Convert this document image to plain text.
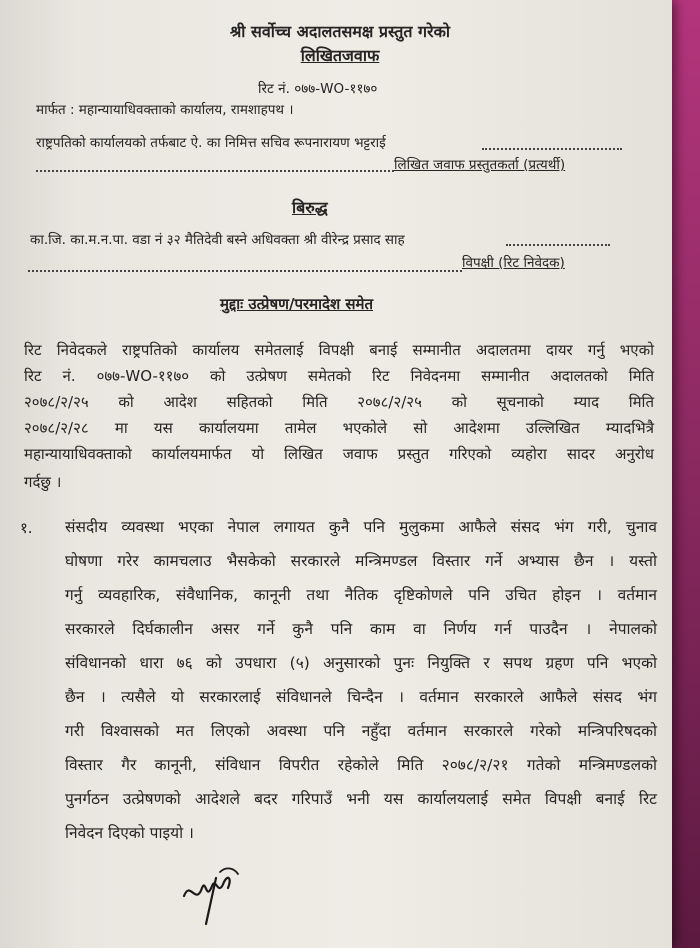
श्री सर्वोच्च अदालतसमक्ष प्रस्तुत गरेको
लिखितजवाफ
रिट नं. ०७७-WO-११७०
मार्फत : महान्यायाधिवक्ताको कार्यालय, रामशाहपथ ।
राष्ट्रपतिको कार्यालयको तर्फबाट ऐ. का निमित्त सचिव रूपनारायण भट्टराई
लिखित जवाफ प्रस्तुतकर्ता (प्रत्यर्थी)
बिरुद्ध
का.जि. का.म.न.पा. वडा नं ३२ मैतिदेवी बस्ने अधिवक्ता श्री वीरेन्द्र प्रसाद साह
विपक्षी (रिट निवेदक)
मुद्दाः उत्प्रेषण/परमादेश समेत
रिट निवेदकले राष्ट्रपतिको कार्यालय समेतलाई विपक्षी बनाई सम्मानीत अदालतमा दायर गर्नु भएको
रिट नं. ०७७-WO-११७० को उत्प्रेषण समेतको रिट निवेदनमा सम्मानीत अदालतको मिति
२०७८/२/२५ को आदेश सहितको मिति २०७८/२/२५ को सूचनाको म्याद मिति
२०७८/२/२८ मा यस कार्यालयमा तामेल भएकोले सो आदेशमा उल्लिखित म्यादभित्रै
महान्यायाधिवक्ताको कार्यालयमार्फत यो लिखित जवाफ प्रस्तुत गरिएको व्यहोरा सादर अनुरोध
गर्दछु ।
१. संसदीय व्यवस्था भएका नेपाल लगायत कुनै पनि मुलुकमा आफैले संसद भंग गरी, चुनाव
घोषणा गरेर कामचलाउ भैसकेको सरकारले मन्त्रिमण्डल विस्तार गर्ने अभ्यास छैन । यस्तो
गर्नु व्यवहारिक, संवैधानिक, कानूनी तथा नैतिक दृष्टिकोणले पनि उचित होइन । वर्तमान
सरकारले दिर्घकालीन असर गर्ने कुनै पनि काम वा निर्णय गर्न पाउदैन । नेपालको
संविधानको धारा ७६ को उपधारा (५) अनुसारको पुनः नियुक्ति र सपथ ग्रहण पनि भएको
छैन । त्यसैले यो सरकारलाई संविधानले चिन्दैन । वर्तमान सरकारले आफैले संसद भंग
गरी विश्वासको मत लिएको अवस्था पनि नहुँदा वर्तमान सरकारले गरेको मन्त्रिपरिषदको
विस्तार गैर कानूनी, संविधान विपरीत रहेकोले मिति २०७८/२/२१ गतेको मन्त्रिमण्डलको
पुनर्गठन उत्प्रेषणको आदेशले बदर गरिपाउँ भनी यस कार्यालयलाई समेत विपक्षी बनाई रिट
निवेदन दिएको पाइयो ।
